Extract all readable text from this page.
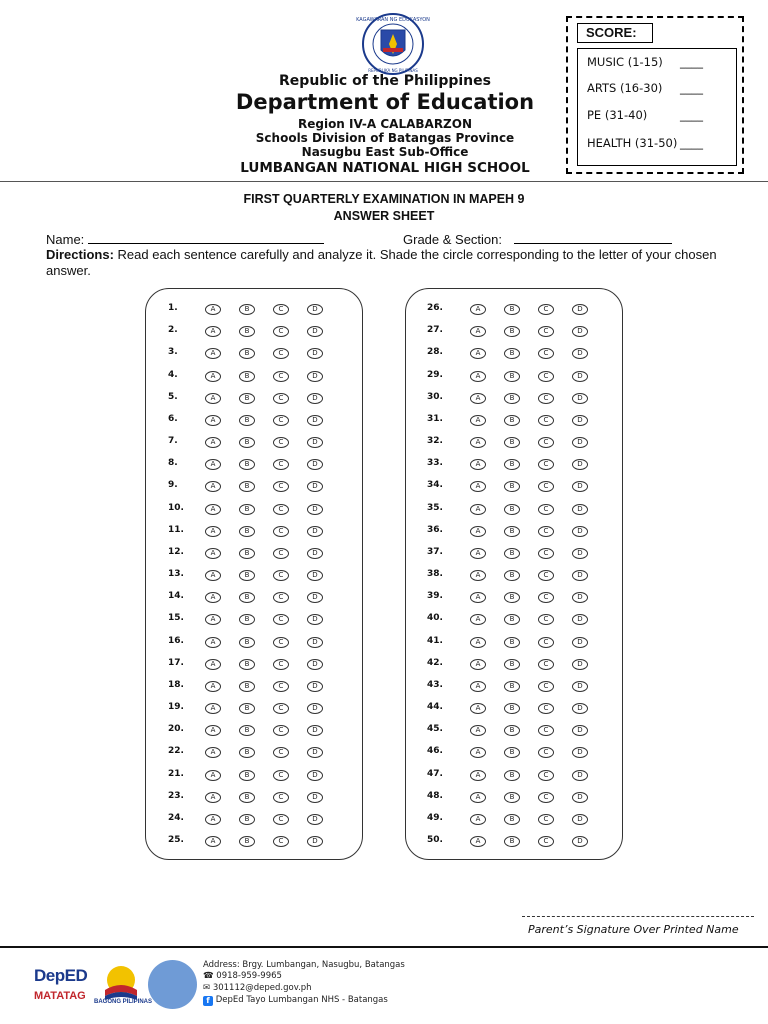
KAGAWARAN NG EDUKASYON
REPUBLIKA NG PILIPINAS
Republic of the Philippines
Department of Education
Region IV-A CALABARZON
Schools Division of Batangas Province
Nasugbu East Sub-Office
LUMBANGAN NATIONAL HIGH SCHOOL
SCORE:
MUSIC (1-15) ____
ARTS (16-30) ____
PE (31-40)	____
HEALTH (31-50) ____
FIRST QUARTERLY EXAMINATION IN MAPEH 9
ANSWER SHEET
Name:	Grade & Section:
Directions: Read each sentence carefully and analyze it. Shade the circle corresponding to the letter of your chosen answer.
1.	A	B	C	D
2.	A	B	C	D
3.	A	B	C	D
4.	A	B	C	D
5.	A	B	C	D
6.	A	B	C	D
7.	A	B	C	D
8.	A	B	C	D
9.	A	B	C	D
10.	A	B	C	D
11.	A	B	C	D
12.	A	B	C	D
13.	A	B	C	D
14.	A	B	C	D
15.	A	B	C	D
16.	A	B	C	D
17.	A	B	C	D
18.	A	B	C	D
19.	A	B	C	D
20.	A	B	C	D
22.	A	B	C	D
21.	A	B	C	D
23.	A	B	C	D
24.	A	B	C	D
25.	A	B	C	D
26.	A	B	C	D
27.	A	B	C	D
28.	A	B	C	D
29.	A	B	C	D
30.	A	B	C	D
31.	A	B	C	D
32.	A	B	C	D
33.	A	B	C	D
34.	A	B	C	D
35.	A	B	C	D
36.	A	B	C	D
37.	A	B	C	D
38.	A	B	C	D
39.	A	B	C	D
40.	A	B	C	D
41.	A	B	C	D
42.	A	B	C	D
43.	A	B	C	D
44.	A	B	C	D
45.	A	B	C	D
46.	A	B	C	D
47.	A	B	C	D
48.	A	B	C	D
49.	A	B	C	D
50.	A	B	C	D
Parent’s Signature Over Printed Name
DepED
MATATAG BAGONG PILIPINAS
Address: Brgy. Lumbangan, Nasugbu, Batangas
☎ 0918-959-9965
✉ 301112@deped.gov.ph
f DepEd Tayo Lumbangan NHS - Batangas
